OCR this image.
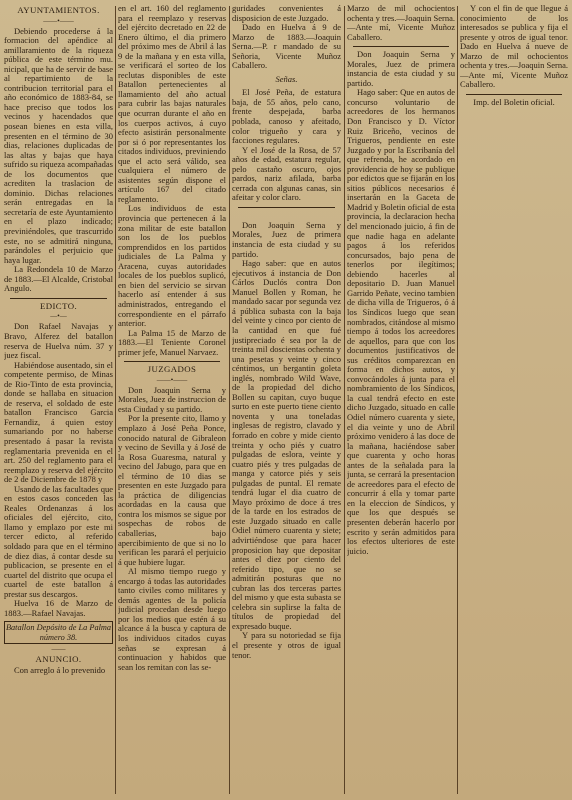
AYUNTAMIENTOS.
——•——

Debiendo procederse á la formacion del apéndice al amillaramiento de la riqueza pública de este término mu. nicipal, que ha de servir de base al repartimiento de la contribucion territorial para el año económico de 1883-84, se hace preciso que todos los vecinos y hacendados que posean bienes en esta villa, presenten en el término de 30 dias, relaciones duplicadas de las altas y bajas que haya sufrido su riqueza acompañadas de los documentos que acrediten la traslacion de dominio. Dichas relaciones serán entregadas en la secretaría de este Ayuntamiento en el plazo indicado; previniéndoles, que trascurrido este, no se admitirá ninguna, parándoles el perjuicio que haya lugar.

La Redondela 10 de Marzo de 1883.—El Alcalde, Cristobal Angulo.

EDICTO.
—•—

Don Rafael Navajas y Bravo, Alferez del batallon reserva de Huelva núm. 37 y juez fiscal.

Habiéndose ausentado, sin el competente permiso, de Minas de Rio-Tinto de esta provincia, donde se hallaba en situacion de reserva, el soldado de este batallon Francisco Garcia Fernandiz, á quien estoy sumariando por no haberse presentado á pasar la revista reglamentaria prevenida en el art. 250 del reglamento para el reemplazo y reserva del ejército de 2 de Diciembre de 1878 y

Usando de las facultades que en estos casos conceden las Reales Ordenanzas á los oficiales del ejército, cito, llamo y emplazo por este mi tercer edicto, al referido soldado para que en el término de diez dias, á contar desde su publicacion, se presente en el cuartel del distrito que ocupa el cuartel de este batallon á prestar sus descargos.

Huelva 16 de Marzo de 1883.—Rafael Navajas.

Batallon Depósito de La Palma
número 38.
——
ANUNCIO.

Con arreglo á lo prevenido

en el art. 160 del reglamento para el reemplazo y reservas del ejército decretado en 22 de Enero último, el dia primero del próximo mes de Abril á las 9 de la mañana y en esta villa, se verificará el sorteo de los reclutas disponibles de este Batallon pertenecientes al llamamiento del año actual para cubrir las bajas naturales que ocurran durante el año en los cuerpos activos, á cuyo efecto asistirán personalmente por si ó por representantes los citados individuos, previniendo que el acto será válido, sea cualquiera el número de asistentes según dispone el artículo 167 del citado reglamento.

Los individuos de esta provincia que pertenecen á la zona militar de este batallon son los de los pueblos comprendidos en los partidos judiciales de La Palma y Aracena, cuyas autoridades locales de los pueblos suplicó, en bien del servicio se sirvan hacerlo así entender á sus administrados, entregando el correspondiente en el párrafo anterior.

La Palma 15 de Marzo de 1883.—El Teniente Coronel primer jefe, Manuel Narvaez.

JUZGADOS
——•——

Don Joaquin Serna y Morales, Juez de instruccion de esta Ciudad y su partido.

Por la presente cito, llamo y emplazo á José Peña Ponce, conocido natural de Gibraleon y vecino de Sevilla y á José de la Rosa Guaresma, natural y vecino del Jabugo, para que en el término de 10 dias se presenten en este Juzgado para la práctica de diligencias acordadas en la causa que contra los mismos se sigue por sospechas de robos de caballerias, bajo apercibimiento de que si no lo verifican les parará el perjuicio á que hubiere lugar.

Al mismo tiempo ruego y encargo á todas las autoridades tanto civiles como militares y demás agentes de la policía judicial procedan desde luego por los medios que estén á su alcance á la busca y captura de los individuos citados cuyas señas se expresan á continuacion y habidos que sean los remitan con las se-

guridades convenientes á disposicion de este Juzgado.

Dado en Huelva á 9 de Marzo de 1883.—Joaquin Serna.—P. r mandado de su Señoria, Vicente Muñoz Caballero.

Señas.

El José Peña, de estatura baja, de 55 años, pelo cano, frente despejada, barba poblada, canoso y afeitado, color trigueño y cara y facciones regulares.

Y el José de la Rosa, de 57 años de edad, estatura regular, pelo castaño oscuro, ojos pardos, nariz afilada, barba cerrada con algunas canas, sin afeitar y color claro.

Don Joaquin Serna y Morales, Juez de primera instancia de esta ciudad y su partido.

Hago saber: que en autos ejecutivos á instancia de Don Cárlos Duclós contra Don Manuel Bollen y Roman, he mandado sacar por segunda vez á pública subasta con la baja del veinte y cinco por ciento de la cantidad en que fué justipreciado é sea por la de treinta mil doscientas ochenta y una pesetas y veinte y cinco céntimos, un bergantin goleta inglés, nombrado Wild Wave, de la propiedad del dicho Bollen su capitan, cuyo buque surto en este puerto tiene ciento noventa y una toneladas inglesas de registro, clavado y forrado en cobre y mide ciento treinta y ocho piés y cuatro pulgadas de eslora, veinte y cuatro piés y tres pulgadas de manga y catorce piés y seis pulgadas de puntal. El remate tendrá lugar el dia cuatro de Mayo próximo de doce á tres de la tarde en los estrados de este Juzgado situado en calle Odiel número cuarenta y siete; advirtiéndose que para hacer proposicion hay que depositar antes el diez por ciento del referido tipo, que no se admitirán posturas que no cubran las dos terceras partes del mismo y que esta subasta se celebra sin suplirse la falta de títulos de propiedad del expresado buque.

Y para su notoriedad se fija el presente y otros de igual tenor.

Marzo de mil ochocientos ochenta y tres.—Joaquin Serna.—Ante mí, Vicente Muñoz Caballero.

Don Joaquin Serna y Morales, Juez de primera instancia de esta ciudad y su partido.

Hago saber: Que en autos de concurso voluntario de acreedores de los hermanos Don Francisco y D. Víctor Ruiz Briceño, vecinos de Trigueros, pendiente en este Juzgado y por la Escribanía del que refrenda, he acordado en providencia de hoy se publique por edictos que se fijarán en los sitios públicos necesarios é insertarán en la Gaceta de Madrid y Boletin oficial de esta provincia, la declaracion hecha del mencionado juicio, á fin de que nadie haga en adelante pagos á los referidos concursados, bajo pena de tenerlos por ilegítimos; debiendo hacerles al depositario D. Juan Manuel Garrido Peñate, vecino tambien de dicha villa de Trigueros, ó á los Síndicos luego que sean nombrados, citándose al mismo tiempo á todos los acreedores de aquellos, para que con los documentos justificativos de sus créditos comparezcan en forma en dichos autos, y convocándoles á junta para el nombramiento de los Síndicos, la cual tendrá efecto en este dicho Juzgado, situado en calle Odiel número cuarenta y siete, el dia veinte y uno de Abril próximo venidero á las doce de la mañana, haciéndose saber que cuarenta y ocho horas antes de la señalada para la junta, se cerrará la presentacion de acreedores para el efecto de concurrir á ella y tomar parte en la eleccion de Síndicos, y que los que después se presenten deberán hacerlo por escrito y serán admitidos para los efectos ulteriores de este juicio.

Y con el fin de que llegue á conocimiento de los interesados se publica y fija el presente y otros de igual tenor. Dado en Huelva á nueve de Marzo de mil ochocientos ochenta y tres.—Joaquin Serna.—Ante mí, Vicente Muñoz Caballero.

Imp. del Boletin oficial.
